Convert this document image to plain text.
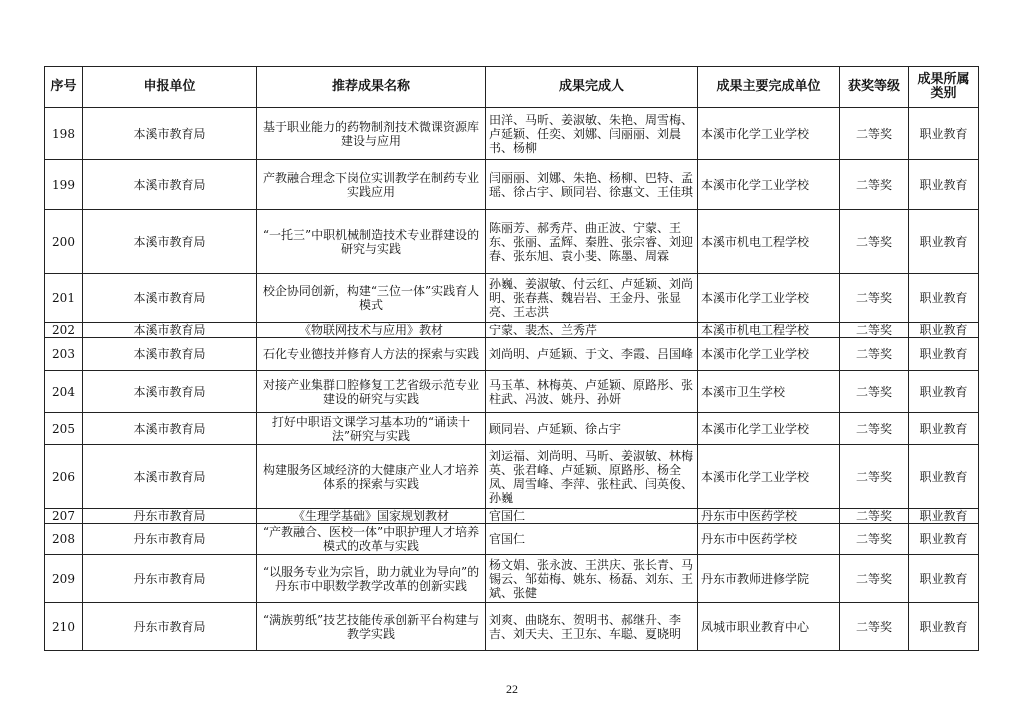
序号	申报单位	推荐成果名称	成果完成人	成果主要完成单位	获奖等级	成果所属类别
198	本溪市教育局	基于职业能力的药物制剂技术微课资源库建设与应用	田洋、马昕、姜淑敏、朱艳、周雪梅、卢延颖、任奕、刘娜、闫丽丽、刘晨书、杨柳	本溪市化学工业学校	二等奖	职业教育
199	本溪市教育局	产教融合理念下岗位实训教学在制药专业实践应用	闫丽丽、刘娜、朱艳、杨柳、巴特、孟瑶、徐占宇、顾同岩、徐惠文、王佳琪	本溪市化学工业学校	二等奖	职业教育
200	本溪市教育局	“一托三”中职机械制造技术专业群建设的研究与实践	陈丽芳、郝秀芹、曲正波、宁蒙、王东、张丽、孟辉、秦胜、张宗睿、刘迎春、张东旭、袁小斐、陈墨、周霖	本溪市机电工程学校	二等奖	职业教育
201	本溪市教育局	校企协同创新，构建“三位一体”实践育人模式	孙巍、姜淑敏、付云红、卢延颖、刘尚明、张春燕、魏岩岩、王金丹、张显亮、王志洪	本溪市化学工业学校	二等奖	职业教育
202	本溪市教育局	《物联网技术与应用》教材	宁蒙、裴杰、兰秀芹	本溪市机电工程学校	二等奖	职业教育
203	本溪市教育局	石化专业德技并修育人方法的探索与实践	刘尚明、卢延颖、于文、李霞、吕国峰	本溪市化学工业学校	二等奖	职业教育
204	本溪市教育局	对接产业集群口腔修复工艺省级示范专业建设的研究与实践	马玉革、林梅英、卢延颖、原路彤、张柱武、冯波、姚丹、孙妍	本溪市卫生学校	二等奖	职业教育
205	本溪市教育局	打好中职语文课学习基本功的“诵读十法”研究与实践	顾同岩、卢延颖、徐占宇	本溪市化学工业学校	二等奖	职业教育
206	本溪市教育局	构建服务区域经济的大健康产业人才培养体系的探索与实践	刘运福、刘尚明、马昕、姜淑敏、林梅英、张君峰、卢延颖、原路彤、杨全凤、周雪峰、李萍、张柱武、闫英俊、孙巍	本溪市化学工业学校	二等奖	职业教育
207	丹东市教育局	《生理学基础》国家规划教材	官国仁	丹东市中医药学校	二等奖	职业教育
208	丹东市教育局	“产教融合、医校一体”中职护理人才培养模式的改革与实践	官国仁	丹东市中医药学校	二等奖	职业教育
209	丹东市教育局	“以服务专业为宗旨，助力就业为导向”的丹东市中职数学教学改革的创新实践	杨文娟、张永波、王洪庆、张长青、马锡云、邹茹梅、姚东、杨磊、刘东、王斌、张健	丹东市教师进修学院	二等奖	职业教育
210	丹东市教育局	“满族剪纸”技艺技能传承创新平台构建与教学实践	刘爽、曲晓东、贺明书、郝继升、李吉、刘天夫、王卫东、车聪、夏晓明	凤城市职业教育中心	二等奖	职业教育
22
